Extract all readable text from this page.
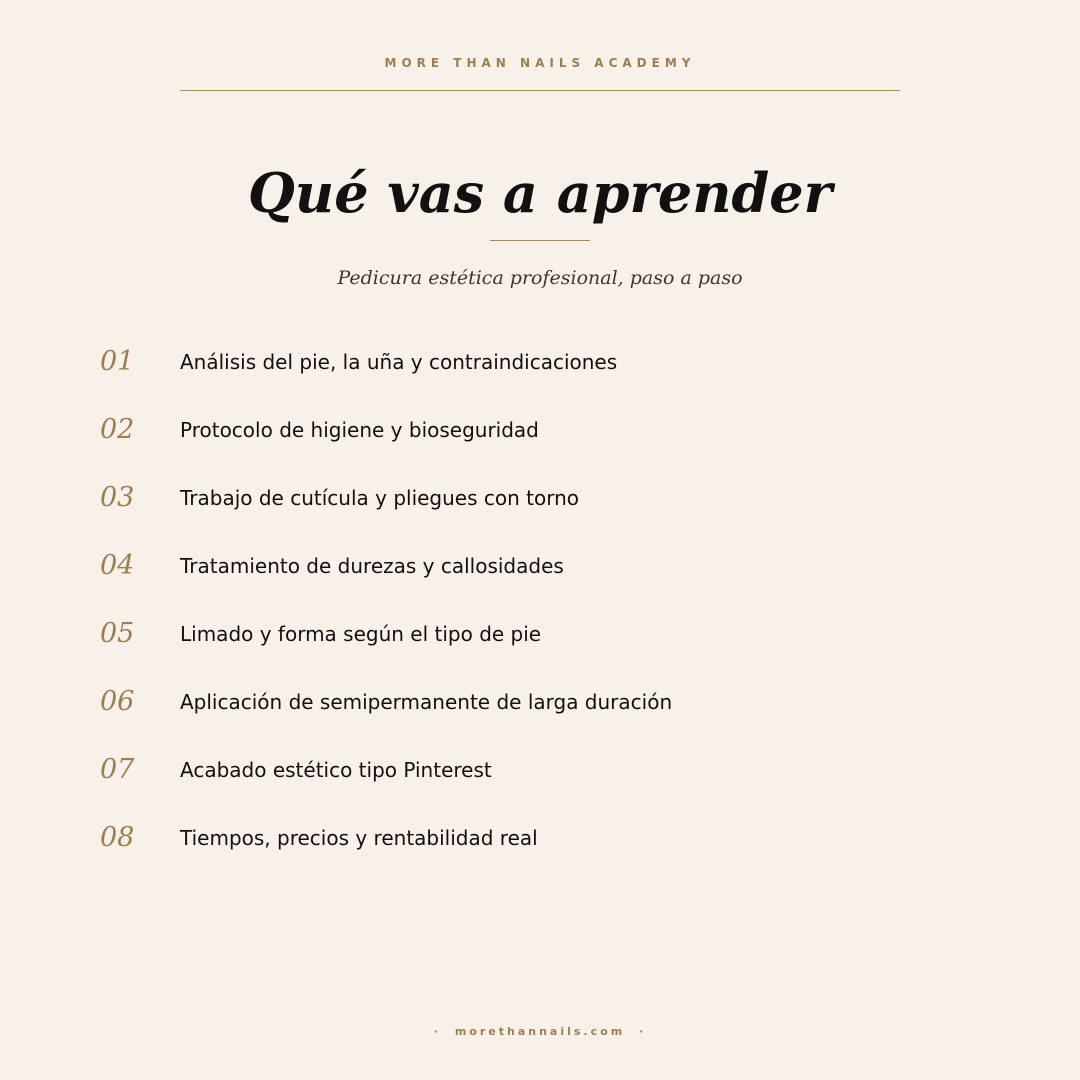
MORE THAN NAILS ACADEMY
Qué vas a aprender
Pedicura estética profesional, paso a paso
01	Análisis del pie, la uña y contraindicaciones
02	Protocolo de higiene y bioseguridad
03	Trabajo de cutícula y pliegues con torno
04	Tratamiento de durezas y callosidades
05	Limado y forma según el tipo de pie
06	Aplicación de semipermanente de larga duración
07	Acabado estético tipo Pinterest
08	Tiempos, precios y rentabilidad real
· morethannails.com ·
